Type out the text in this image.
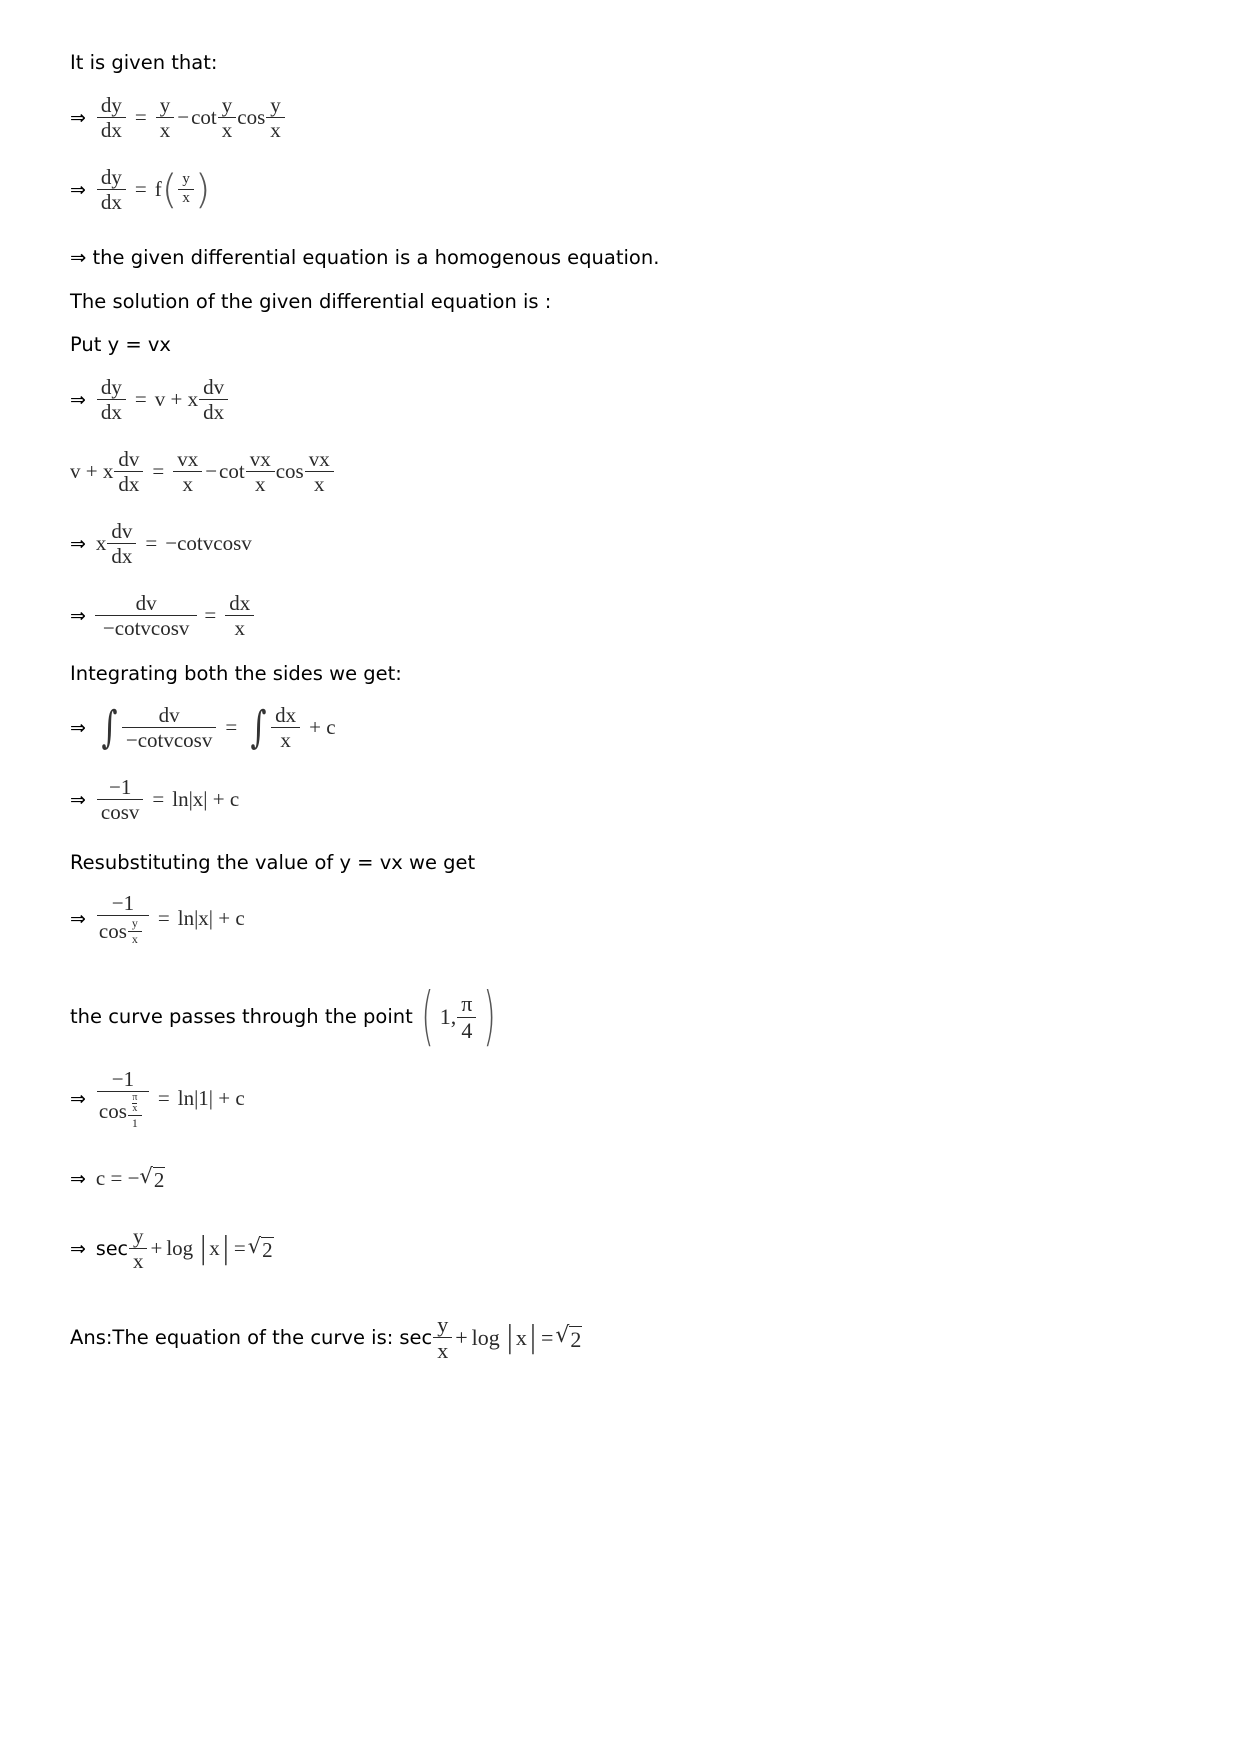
It is given that:
⇒ $\frac{dy}{dx} = \frac{y}{x} - \cot \frac{y}{x}$ $\cos \frac{y}{x}$
⇒ $\frac{dy}{dx} = f$ ( $\frac{y}{x}$ )
⇒ the given differential equation is a homogenous equation.
The solution of the given differential equation is :
Put y = vx
⇒ $\frac{dy}{dx} = v + x \frac{dv}{dx}$
v + x $\frac{dv}{dx} = \frac{vx}{x} - \cot \frac{vx}{x}$ $\cos \frac{vx}{x}$
⇒ x $\frac{dv}{dx}$ = −cotvcosv
⇒ $\frac{dv}{\text{−cotvcosv}} = \frac{dx}{x}$
Integrating both the sides we get:
⇒ ∫ $\frac{dv}{\text{−cotvcosv}}$ = ∫ $\frac{dx}{x} + c$
⇒ $\frac{-1}{\cos v} = \ln|x| + c$
Resubstituting the value of y = vx we get
⇒ $\frac{-1}{\cos \frac{y}{x}} = \ln|x| + c$
the curve passes through the point ( 1, $\frac{\pi}{4}$ )
⇒
−1
cos π
x
1 = ln|1| + c
⇒ c = − √ 2
⇒ $\sec \frac{y}{x} + \log$ | x | = √ 2
Ans:The equation of the curve is: $\sec \frac{y}{x} + \log$ | x | = √ 2
